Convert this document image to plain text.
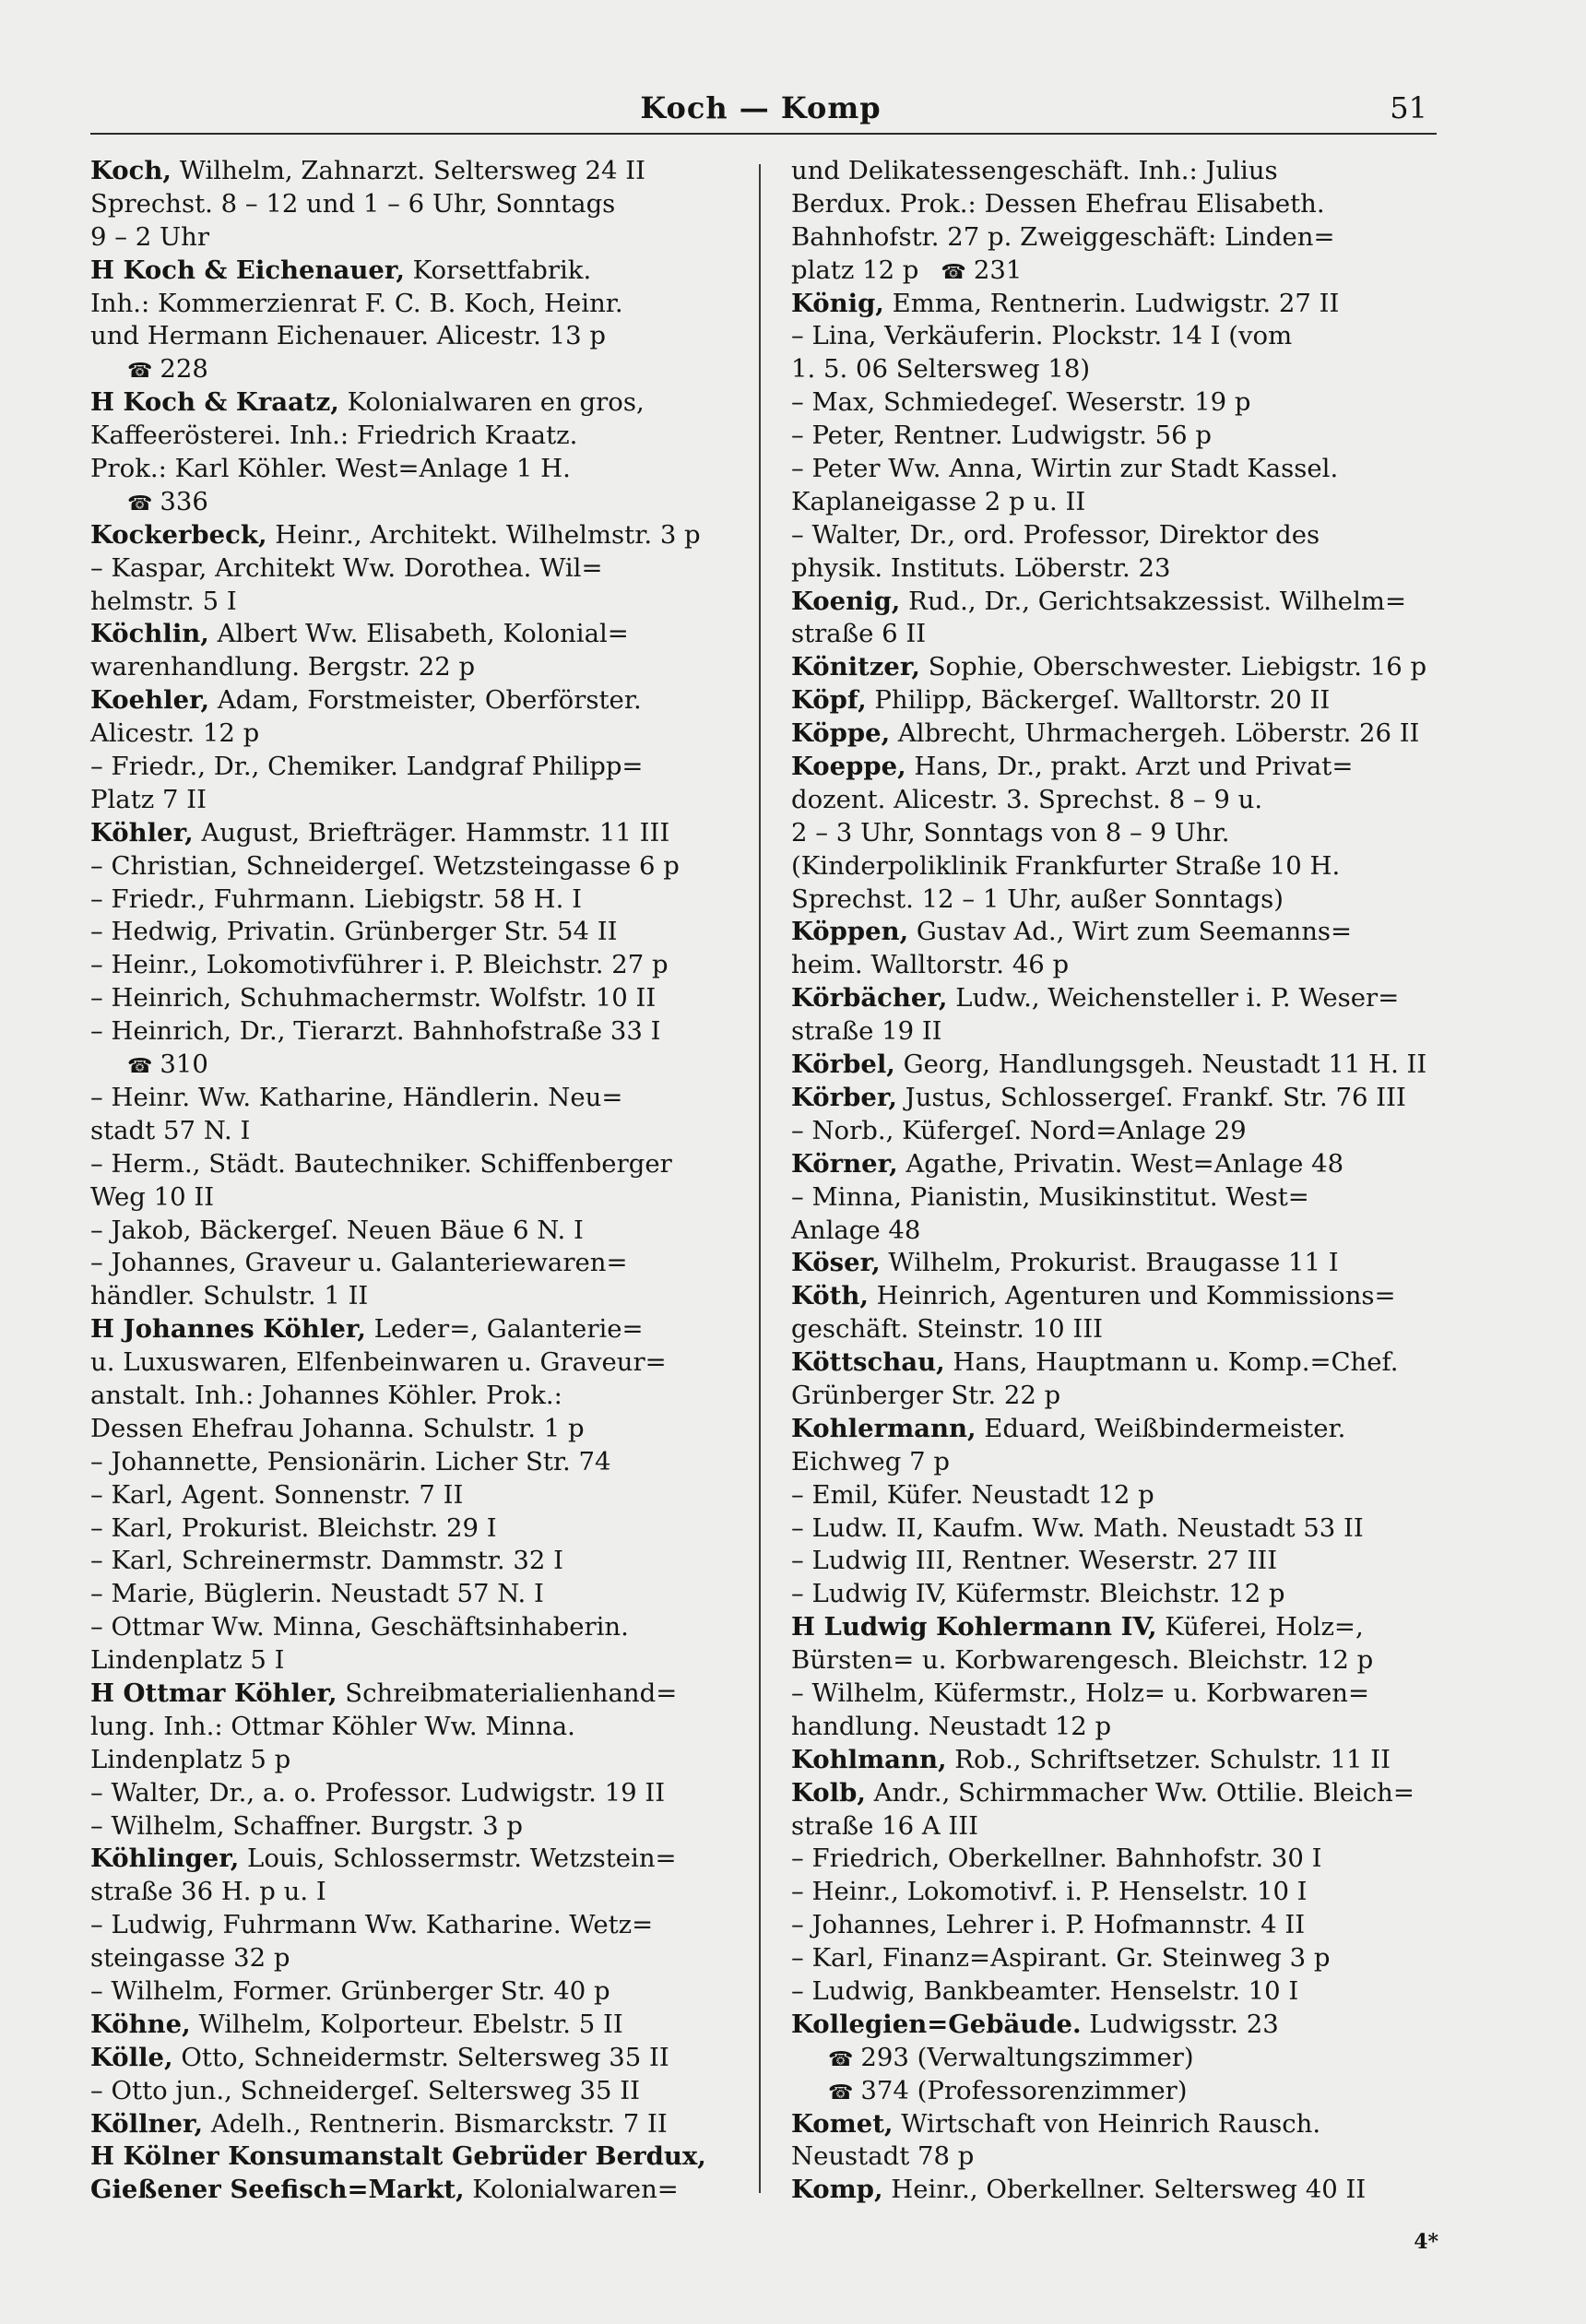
Koch — Komp	51
Koch, Wilhelm, Zahnarzt. Seltersweg 24 II
Sprechst. 8 – 12 und 1 – 6 Uhr, Sonntags
9 – 2 Uhr
H Koch & Eichenauer, Korsettfabrik.
Inh.: Kommerzienrat F. C. B. Koch, Heinr.
und Hermann Eichenauer. Alicestr. 13 p
☎ 228
H Koch & Kraatz, Kolonialwaren en gros,
Kaffeerösterei. Inh.: Friedrich Kraatz.
Prok.: Karl Köhler. West=Anlage 1 H.
☎ 336
Kockerbeck, Heinr., Architekt. Wilhelmstr. 3 p
– Kaspar, Architekt Ww. Dorothea. Wil=
helmstr. 5 I
Köchlin, Albert Ww. Elisabeth, Kolonial=
warenhandlung. Bergstr. 22 p
Koehler, Adam, Forstmeister, Oberförster.
Alicestr. 12 p
– Friedr., Dr., Chemiker. Landgraf Philipp=
Platz 7 II
Köhler, August, Briefträger. Hammstr. 11 III
– Christian, Schneidergeſ. Wetzsteingasse 6 p
– Friedr., Fuhrmann. Liebigstr. 58 H. I
– Hedwig, Privatin. Grünberger Str. 54 II
– Heinr., Lokomotivführer i. P. Bleichstr. 27 p
– Heinrich, Schuhmachermstr. Wolfstr. 10 II
– Heinrich, Dr., Tierarzt. Bahnhofstraße 33 I
☎ 310
– Heinr. Ww. Katharine, Händlerin. Neu=
stadt 57 N. I
– Herm., Städt. Bautechniker. Schiffenberger
Weg 10 II
– Jakob, Bäckergeſ. Neuen Bäue 6 N. I
– Johannes, Graveur u. Galanteriewaren=
händler. Schulstr. 1 II
H Johannes Köhler, Leder=, Galanterie=
u. Luxuswaren, Elfenbeinwaren u. Graveur=
anstalt. Inh.: Johannes Köhler. Prok.:
Dessen Ehefrau Johanna. Schulstr. 1 p
– Johannette, Pensionärin. Licher Str. 74
– Karl, Agent. Sonnenstr. 7 II
– Karl, Prokurist. Bleichstr. 29 I
– Karl, Schreinermstr. Dammstr. 32 I
– Marie, Büglerin. Neustadt 57 N. I
– Ottmar Ww. Minna, Geschäftsinhaberin.
Lindenplatz 5 I
H Ottmar Köhler, Schreibmaterialienhand=
lung. Inh.: Ottmar Köhler Ww. Minna.
Lindenplatz 5 p
– Walter, Dr., a. o. Professor. Ludwigstr. 19 II
– Wilhelm, Schaffner. Burgstr. 3 p
Köhlinger, Louis, Schlossermstr. Wetzstein=
straße 36 H. p u. I
– Ludwig, Fuhrmann Ww. Katharine. Wetz=
steingasse 32 p
– Wilhelm, Former. Grünberger Str. 40 p
Köhne, Wilhelm, Kolporteur. Ebelstr. 5 II
Kölle, Otto, Schneidermstr. Seltersweg 35 II
– Otto jun., Schneidergeſ. Seltersweg 35 II
Köllner, Adelh., Rentnerin. Bismarckstr. 7 II
H Kölner Konsumanstalt Gebrüder Berdux,
Gießener Seefisch=Markt, Kolonialwaren=
und Delikatessengeschäft. Inh.: Julius
Berdux. Prok.: Dessen Ehefrau Elisabeth.
Bahnhofstr. 27 p. Zweiggeschäft: Linden=
platz 12 p ☎ 231
König, Emma, Rentnerin. Ludwigstr. 27 II
– Lina, Verkäuferin. Plockstr. 14 I (vom
1. 5. 06 Seltersweg 18)
– Max, Schmiedegeſ. Weserstr. 19 p
– Peter, Rentner. Ludwigstr. 56 p
– Peter Ww. Anna, Wirtin zur Stadt Kassel.
Kaplaneigasse 2 p u. II
– Walter, Dr., ord. Professor, Direktor des
physik. Instituts. Löberstr. 23
Koenig, Rud., Dr., Gerichtsakzessist. Wilhelm=
straße 6 II
Könitzer, Sophie, Oberschwester. Liebigstr. 16 p
Köpf, Philipp, Bäckergeſ. Walltorstr. 20 II
Köppe, Albrecht, Uhrmachergeh. Löberstr. 26 II
Koeppe, Hans, Dr., prakt. Arzt und Privat=
dozent. Alicestr. 3. Sprechst. 8 – 9 u.
2 – 3 Uhr, Sonntags von 8 – 9 Uhr.
(Kinderpoliklinik Frankfurter Straße 10 H.
Sprechst. 12 – 1 Uhr, außer Sonntags)
Köppen, Gustav Ad., Wirt zum Seemanns=
heim. Walltorstr. 46 p
Körbächer, Ludw., Weichensteller i. P. Weser=
straße 19 II
Körbel, Georg, Handlungsgeh. Neustadt 11 H. II
Körber, Justus, Schlossergeſ. Frankf. Str. 76 III
– Norb., Küfergeſ. Nord=Anlage 29
Körner, Agathe, Privatin. West=Anlage 48
– Minna, Pianistin, Musikinstitut. West=
Anlage 48
Köser, Wilhelm, Prokurist. Braugasse 11 I
Köth, Heinrich, Agenturen und Kommissions=
geschäft. Steinstr. 10 III
Köttschau, Hans, Hauptmann u. Komp.=Chef.
Grünberger Str. 22 p
Kohlermann, Eduard, Weißbindermeister.
Eichweg 7 p
– Emil, Küfer. Neustadt 12 p
– Ludw. II, Kaufm. Ww. Math. Neustadt 53 II
– Ludwig III, Rentner. Weserstr. 27 III
– Ludwig IV, Küfermstr. Bleichstr. 12 p
H Ludwig Kohlermann IV, Küferei, Holz=,
Bürsten= u. Korbwarengesch. Bleichstr. 12 p
– Wilhelm, Küfermstr., Holz= u. Korbwaren=
handlung. Neustadt 12 p
Kohlmann, Rob., Schriftsetzer. Schulstr. 11 II
Kolb, Andr., Schirmmacher Ww. Ottilie. Bleich=
straße 16 A III
– Friedrich, Oberkellner. Bahnhofstr. 30 I
– Heinr., Lokomotivf. i. P. Henselstr. 10 I
– Johannes, Lehrer i. P. Hofmannstr. 4 II
– Karl, Finanz=Aspirant. Gr. Steinweg 3 p
– Ludwig, Bankbeamter. Henselstr. 10 I
Kollegien=Gebäude. Ludwigsstr. 23
☎ 293 (Verwaltungszimmer)
☎ 374 (Professorenzimmer)
Komet, Wirtschaft von Heinrich Rausch.
Neustadt 78 p
Komp, Heinr., Oberkellner. Seltersweg 40 II
4*
